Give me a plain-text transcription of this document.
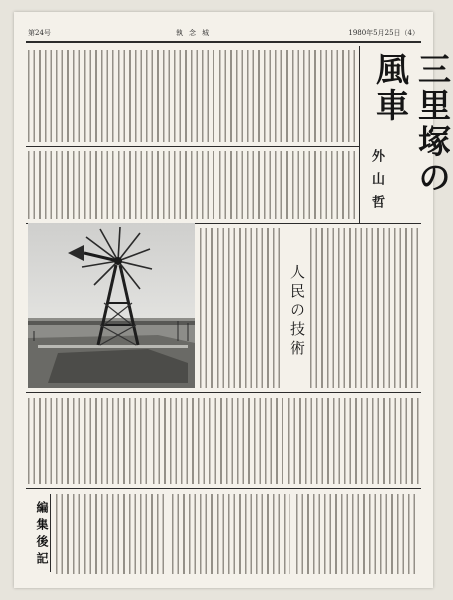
第24号	執念城	1980年5月25日（4）
三里塚の風車
外山哲
人民の技術
編集後記
